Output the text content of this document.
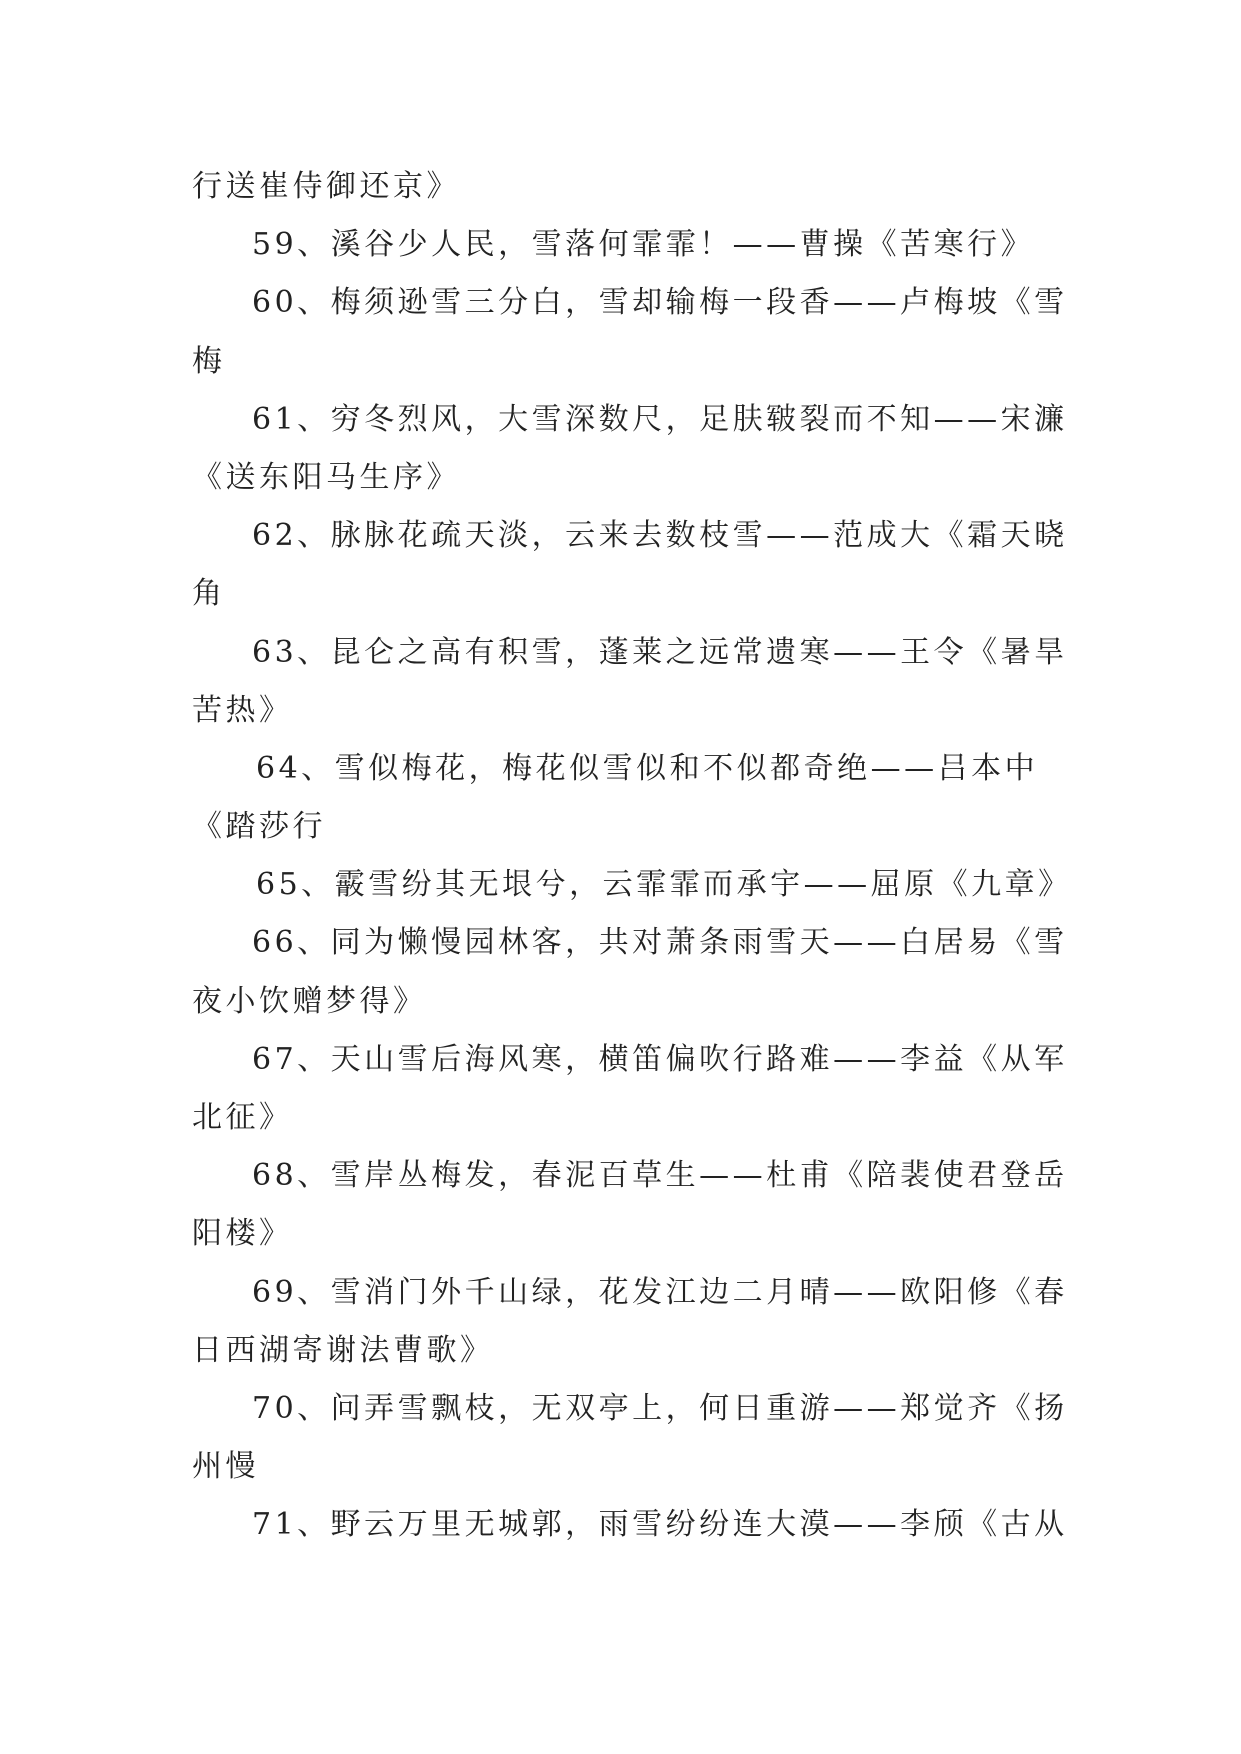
行送崔侍御还京》
59、溪谷少人民，雪落何霏霏！——曹操《苦寒行》
60、梅须逊雪三分白，雪却输梅一段香——卢梅坡《雪
梅
61、穷冬烈风，大雪深数尺，足肤皲裂而不知——宋濂
《送东阳马生序》
62、脉脉花疏天淡，云来去数枝雪——范成大《霜天晓
角
63、昆仑之高有积雪，蓬莱之远常遗寒——王令《暑旱
苦热》
64、雪似梅花，梅花似雪似和不似都奇绝——吕本中
《踏莎行
65、霰雪纷其无垠兮，云霏霏而承宇——屈原《九章》
66、同为懒慢园林客，共对萧条雨雪天——白居易《雪
夜小饮赠梦得》
67、天山雪后海风寒，横笛偏吹行路难——李益《从军
北征》
68、雪岸丛梅发，春泥百草生——杜甫《陪裴使君登岳
阳楼》
69、雪消门外千山绿，花发江边二月晴——欧阳修《春
日西湖寄谢法曹歌》
70、问弄雪飘枝，无双亭上，何日重游——郑觉齐《扬
州慢
71、野云万里无城郭，雨雪纷纷连大漠——李颀《古从
